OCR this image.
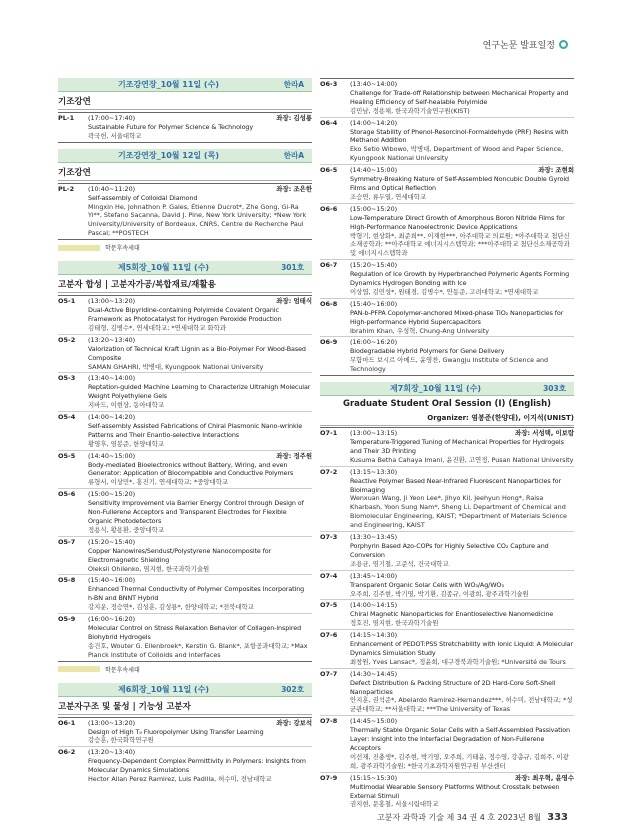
연구논문 발표일정
기조강연장_10월 11일 (수)	한라A
기조강연
PL-1	(17:00~17:40)	좌장: 김성룡
Sustainable Future for Polymer Science & Technology
곽국헌, 서울대학교
기조강연장_10월 12일 (목)	한라A
기조강연
PL-2	(10:40~11:20)	좌장: 조은한
Self-assembly of Colloidal Diamond
Mingxin He, Johnathon P. Gales, Étienne Ducrot*, Zhe Gong, Gi-Ra Yi**, Stefano Sacanna, David J. Pine, New York University; *New York University/University of Bordeaux, CNRS, Centre de Recherche Paul Pascal; **POSTECH
학문후속세대
제5회장_10월 11일 (수)	301호
고분자 합성 | 고분자가공/복합재료/재활용
O5-1	(13:00~13:20)	좌장: 엄태식
Dual-Active Bipyridine-containing Polyimide Covalent Organic Framework as Photocatalyst for Hydrogen Peroxide Production
김태형, 김병수*, 연세대학교; *연세대학교 화학과
O5-2	(13:20~13:40)
Valorization of Technical Kraft Lignin as a Bio-Polymer For Wood-Based Composite
SAMAN GHAHRI, 박병대, Kyungpook National University
O5-3	(13:40~14:00)
Reptation-guided Machine Learning to Characterize Ultrahigh Molecular Weight Polyethylene Gels
지바드, 이현상, 동아대학교
O5-4	(14:00~14:20)
Self-assembly Assisted Fabrications of Chiral Plasmonic Nano-wrinkle Patterns and Their Enantio-selective Interactions
황영후, 염봉준, 한양대학교
O5-5	(14:40~15:00)	좌장: 정주원
Body-mediated Bioelectronics without Battery, Wiring, and even Generator: Application of Biocompatible and Conductive Polymers
류형서, 이상민*, 홍진기, 연세대학교; *중앙대학교
O5-6	(15:00~15:20)
Sensitivity Improvement via Barrier Energy Control through Design of Non-Fullerene Acceptors and Transparent Electrodes for Flexible Organic Photodetectors
정용식, 황용환, 중앙대학교
O5-7	(15:20~15:40)
Copper Nanowires/Sendust/Polystyrene Nanocomposite for Electromagnetic Shielding
Oleksii Ohilenko, 염지현, 한국과학기술원
O5-8	(15:40~16:00)
Enhanced Thermal Conductivity of Polymer Composites Incorporating h-BN and BNNT Hybrid
강지운, 정승연*, 김성훈, 김성룡*, 한양대학교; *전북대학교
O5-9	(16:00~16:20)
Molecular Control on Stress Relaxation Behavior of Collagen-inspired Biohybrid Hydrogels
송건호, Wouter G. Ellenbroek*, Kerstin G. Blank*, 포항공과대학교; *Max Planck Institute of Colloids and Interfaces
학문후속세대
제6회장_10월 11일 (수)	302호
고분자구조 및 물성 | 기능성 고분자
O6-1	(13:00~13:20)	좌장: 강보석
Design of High T₉ Fluoropolymer Using Transfer Learning
강승훈, 한국화학연구원
O6-2	(13:20~13:40)
Frequency-Dependent Complex Permittivity in Polymers: Insights from Molecular Dynamics Simulations
Hector Allan Perez Ramirez, Luis Padilla, 허수미, 전남대학교
O6-3	(13:40~14:00)
Challenge for Trade-off Relationship between Mechanical Property and Healing Efficiency of Self-healable Polyimide
김민남, 정용채, 한국과학기술연구원(KIST)
O6-4	(14:00~14:20)
Storage Stability of Phenol-Resorcinol-Formaldehyde (PRF) Resins with Methanol Addition
Eko Setio Wibowo, 박병대, Department of Wood and Paper Science, Kyungpook National University
O6-5	(14:40~15:00)	좌장: 조현희
Symmetry-Breaking Nature of Self-Assembled Noncubic Double Gyroid Films and Optical Reflection
조승연, 류두열, 연세대학교
O6-6	(15:00~15:20)
Low-Temperature Direct Growth of Amorphous Boron Nitride Films for High-Performance Nanoelectronic Device Applications
박형기, 현상화*, 최준희**, 이재현***, 아주대학교 의료원; *아주대학교 첨단신소재공학과; **아주대학교 에너지시스템학과; ***아주대학교 첨단신소재공학과 및 에너지시스템학과
O6-7	(15:20~15:40)
Regulation of Ice Growth by Hyperbranched Polymeric Agents Forming Dynamics Hydrogen Bonding with Ice
이상엽, 김민성*, 원태경, 김병수*, 안동준, 고려대학교; *연세대학교
O6-8	(15:40~16:00)
PAN-b-PFPA Copolymer-anchored Mixed-phase TiO₂ Nanoparticles for High-performance Hybrid Supercapacitors
Ibrahim Khan, 우성혁, Chung-Ang University
O6-9	(16:00~16:20)
Biodegradable Hybrid Polymers for Gene Delivery
무함마드 보시르 아메드, 윤영찬, Gwangju Institute of Science and Technology
제7회장_10월 11일 (수)	303호
Graduate Student Oral Session (I) (English)
Organizer: 염봉준(한양대), 이지석(UNIST)
O7-1	(13:00~13:15)	좌장: 서성택, 이보람
Temperature-Triggered Tuning of Mechanical Properties for Hydrogels and Their 3D Printing
Kusuma Betha Cahaya Imani, 윤진환, 고연정, Pusan National University
O7-2	(13:15~13:30)
Reactive Polymer Based Near-Infrared Fluorescent Nanoparticles for Bioimaging
Wenxuan Wang, Ji Yeon Lee*, Jihyo Kil, Jeehyun Hong*, Raisa Kharbash, Yoon Sung Nam*, Sheng Li, Department of Chemical and Biomolecular Engineering, KAIST; *Department of Materials Science and Engineering, KAIST
O7-3	(13:30~13:45)
Porphyrin Based Azo-COPs for Highly Selective CO₂ Capture and Conversion
조용균, 염기철, 고준석, 건국대학교
O7-4	(13:45~14:00)
Transparent Organic Solar Cells with WO₃/Ag/WO₃
오주희, 김주현, 박기영, 박기환, 김종규, 이광희, 광주과학기술원
O7-5	(14:00~14:15)
Chiral Magnetic Nanoparticles for Enantioselective Nanomedicine
정호진, 염지현, 한국과학기술원
O7-6	(14:15~14:30)
Enhancement of PEDOT:PSS Stretchability with Ionic Liquid: A Molecular Dynamics Simulation Study
최창원, Yves Lansac*, 정윤희, 대구경북과학기술원; *Université de Tours
O7-7	(14:30~14:45)
Defect Distribution & Packing Structure of 2D Hard-Core Soft-Shell Nanoparticles
안지훈, 권석준*, Abelardo Ramirez-Hernandez***, 허수미, 전남대학교; *성균관대학교; **서울대학교; ***The University of Texas
O7-8	(14:45~15:00)
Thermally Stable Organic Solar Cells with a Self-Assembled Passivation Layer: Insight into the Interfacial Degradation of Non-Fullerene Acceptors
이선재, 진충생*, 김주현, 박기영, 오주희, 기태윤, 정수영, 강총규, 김희주, 이광희, 광주과학기술원; *한국기초과학지원연구원 부산센터
O7-9	(15:15~15:30)	좌장: 최우혁, 윤영수
Multimodal Wearable Sensory Platforms Without Crosstalk between External Stimuli
권지현, 문홍철, 서울시립대학교
고분자 과학과 기술 제 34 권 4 호 2023년 8월 333
